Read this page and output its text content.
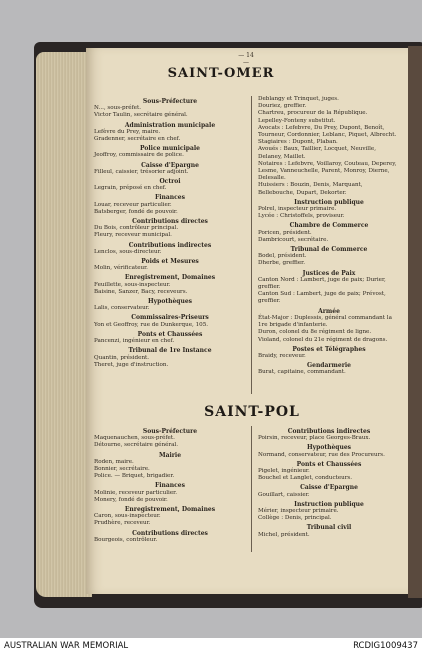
— 14 —
SAINT-OMER
Sous-Préfecture
N..., sous-préfet.
Victor Taulin, secrétaire général.
Administration municipale
Lefèvre du Prey, maire.
Gradenner, secrétaire en chef.
Police municipale
Jeoffroy, commissaire de police.
Caisse d'Epargne
Filleul, caissier, trésorier adjoint.
Octroi
Legrain, préposé en chef.
Finances
Louar, receveur particulier.
Batsberger, fondé de pouvoir.
Contributions directes
Du Bois, contrôleur principal.
Fleury, receveur municipal.
Contributions indirectes
Lenclos, sous-directeur.
Poids et Mesures
Molin, vérificateur.
Enregistrement, Domaines
Feuillette, sous-inspecteur.
Baisine, Sanzer, Bacy, receveurs.
Hypothèques
Lalis, conservateur.
Commissaires-Priseurs
Yon et Geoffroy, rue de Dunkerque, 105.
Ponts et Chaussées
Pancenzi, ingénieur en chef.
Tribunal de 1re Instance
Quantin, président.
Theret, juge d'instruction.
Deblangy et Trinquet, juges.
Douriez, greffier.
Chartreu, procureur de la République.
Lepelley-Fonteny substitut.
Avocats : Lefebvre, Du Prey, Dupont, Benoît, Tourneur, Cordonnier, Leblanc, Piquet, Albrecht.
Stagiaires : Dupont, Plaban.
Avoués : Baux, Taillier, Locquet, Neuville, Delaney, Maillet.
Notaires : Lefebvre, Voillaroy, Couteau, Deperey, Lesme, Vanneuchelle, Parent, Monroy, Dierne, Delesalle.
Huissiers : Bouzin, Denis, Marquant, Bellebouche, Dupart, Dekorter.
Instruction publique
Polrel, inspecteur primaire.
Lycée : Christoffels, proviseur.
Chambre de Commerce
Poricen, président.
Dambricourt, secrétaire.
Tribunal de Commerce
Bodel, président.
Dherbe, greffier.
Justices de Paix
Canton Nord : Lambert, juge de paix; Durier, greffier.
Canton Sud : Lambert, juge de paix; Prévost, greffier.
Armée
État-Major : Duplessis, général commandant la 1re brigade d'infanterie.
Duron, colonel du 8e régiment de ligne.
Violand, colonel du 21e régiment de dragons.
Postes et Télégraphes
Braidy, receveur.
Gendarmerie
Burat, capitaine, commandant.
SAINT-POL
Sous-Préfecture
Maquenauchen, sous-préfet.
Détourne, secrétaire général.
Mairie
Roden, maire.
Bonnier, secrétaire.
Police. — Briquet, brigadier.
Finances
Molinie, receveur particulier.
Monery, fondé de pouvoir.
Enregistrement, Domaines
Caron, sous-inspecteur.
Prudhère, receveur.
Contributions directes
Bourgeois, contrôleur.
Contributions indirectes
Poirsin, receveur, place Georges-Braux.
Hypothèques
Normand, conservateur, rue des Procureurs.
Ponts et Chaussées
Pigelet, ingénieur.
Bouchel et Langlet, conducteurs.
Caisse d'Epargne
Gouillart, caissier.
Instruction publique
Mérier, inspecteur primaire.
Collège : Denis, principal.
Tribunal civil
Michel, président.
AUSTRALIAN WAR MEMORIAL	RCDIG1009437
